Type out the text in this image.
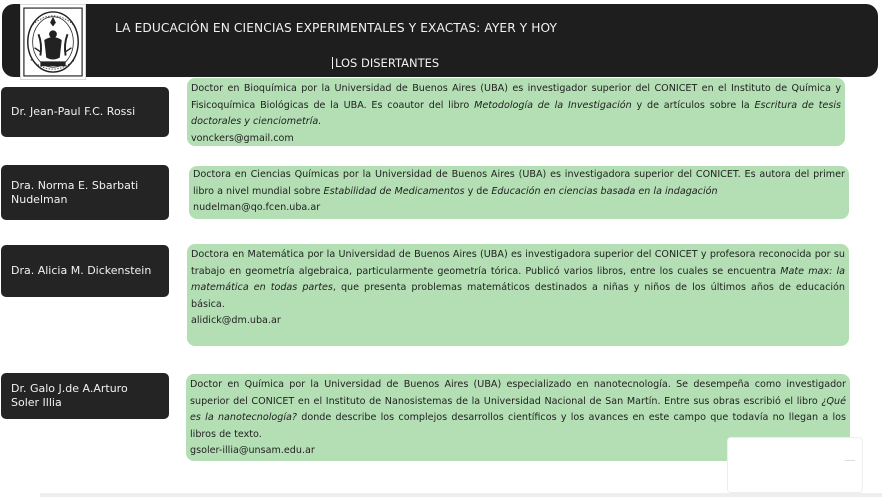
LA EDUCACIÓN EN CIENCIAS EXPERIMENTALES Y EXACTAS: AYER Y HOY
LOS DISERTANTES
Dr. Jean-Paul F.C. Rossi
Doctor en Bioquímica por la Universidad de Buenos Aires (UBA) es investigador superior del CONICET en el Instituto de Química y Fisicoquímica Biológicas de la UBA. Es coautor del libro Metodología de la Investigación y de artículos sobre la Escritura de tesis doctorales y cienciometría.
vonckers@gmail.com
Dra. Norma E. Sbarbati Nudelman
Doctora en Ciencias Químicas por la Universidad de Buenos Aires (UBA) es investigadora superior del CONICET. Es autora del primer libro a nivel mundial sobre Estabilidad de Medicamentos y de Educación en ciencias basada en la indagación
nudelman@qo.fcen.uba.ar
Dra. Alicia M. Dickenstein
Doctora en Matemática por la Universidad de Buenos Aires (UBA) es investigadora superior del CONICET y profesora reconocida por su trabajo en geometría algebraica, particularmente geometría tórica. Publicó varios libros, entre los cuales se encuentra Mate max: la matemática en todas partes, que presenta problemas matemáticos destinados a niñas y niños de los últimos años de educación básica.
alidick@dm.uba.ar
Dr. Galo J.de A.Arturo Soler Illia
Doctor en Química por la Universidad de Buenos Aires (UBA) especializado en nanotecnología. Se desempeña como investigador superior del CONICET en el Instituto de Nanosistemas de la Universidad Nacional de San Martín. Entre sus obras escribió el libro ¿Qué es la nanotecnología? donde describe los complejos desarrollos científicos y los avances en este campo que todavía no llegan a los libros de texto.
gsoler-illia@unsam.edu.ar
